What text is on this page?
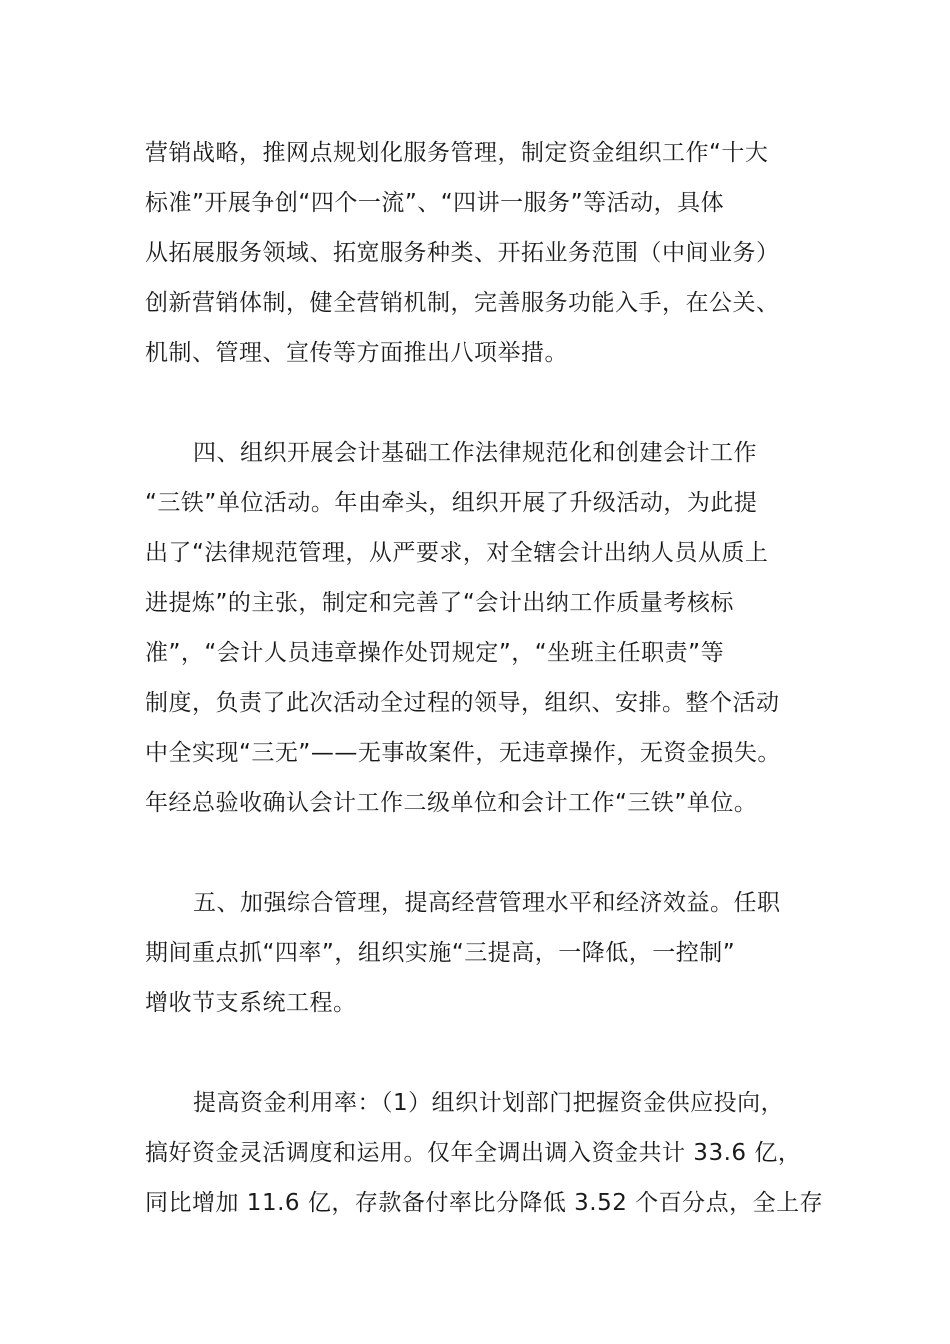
营销战略，推网点规划化服务管理，制定资金组织工作“十大
标准”开展争创“四个一流”、“四讲一服务”等活动，具体
从拓展服务领域、拓宽服务种类、开拓业务范围（中间业务）
创新营销体制，健全营销机制，完善服务功能入手，在公关、
机制、管理、宣传等方面推出八项举措。
四、组织开展会计基础工作法律规范化和创建会计工作
“三铁”单位活动。年由牵头，组织开展了升级活动，为此提
出了“法律规范管理，从严要求，对全辖会计出纳人员从质上
进提炼”的主张，制定和完善了“会计出纳工作质量考核标
准”，“会计人员违章操作处罚规定”，“坐班主任职责”等
制度，负责了此次活动全过程的领导，组织、安排。整个活动
中全实现“三无”——无事故案件，无违章操作，无资金损失。
年经总验收确认会计工作二级单位和会计工作“三铁”单位。
五、加强综合管理，提高经营管理水平和经济效益。任职
期间重点抓“四率”，组织实施“三提高，一降低，一控制”
增收节支系统工程。
提高资金利用率：（1）组织计划部门把握资金供应投向，
搞好资金灵活调度和运用。仅年全调出调入资金共计 33.6 亿，
同比增加 11.6 亿，存款备付率比分降低 3.52 个百分点，全上存
